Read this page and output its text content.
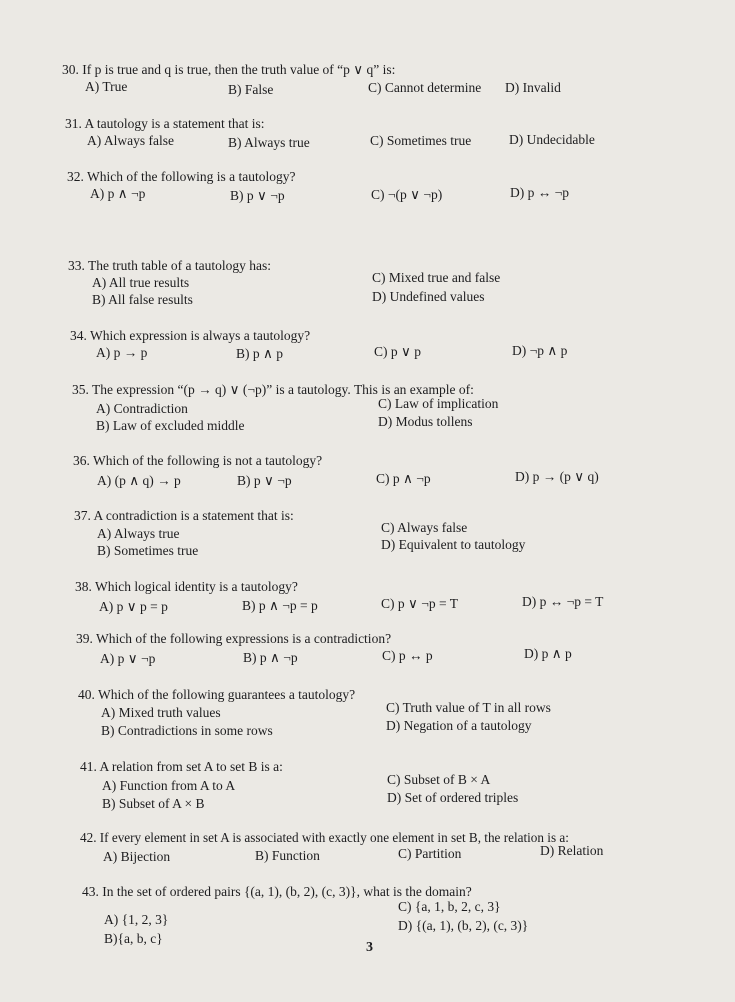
30. If p is true and q is true, then the truth value of “p ∨ q” is:
A) True	B) False	C) Cannot determine D) Invalid
31. A tautology is a statement that is:
A) Always false	B) Always true	C) Sometimes true	D) Undecidable
32. Which of the following is a tautology?
A) p ∧ ¬p	B) p ∨ ¬p	C) ¬(p ∨ ¬p)	D) p ↔ ¬p
33. The truth table of a tautology has:
A) All true results	C) Mixed true and false
B) All false results	D) Undefined values
34. Which expression is always a tautology?
A) p → p	B) p ∧ p	C) p ∨ p	D) ¬p ∧ p
35. The expression “(p → q) ∨ (¬p)” is a tautology. This is an example of:
A) Contradiction	C) Law of implication
B) Law of excluded middle	D) Modus tollens
36. Which of the following is not a tautology?
A) (p ∧ q) → p	B) p ∨ ¬p	C) p ∧ ¬p	D) p → (p ∨ q)
37. A contradiction is a statement that is:
A) Always true	C) Always false
B) Sometimes true	D) Equivalent to tautology
38. Which logical identity is a tautology?
A) p ∨ p = p	B) p ∧ ¬p = p	C) p ∨ ¬p = T	D) p ↔ ¬p = T
39. Which of the following expressions is a contradiction?
A) p ∨ ¬p	B) p ∧ ¬p	C) p ↔ p	D) p ∧ p
40. Which of the following guarantees a tautology?
A) Mixed truth values	C) Truth value of T in all rows
B) Contradictions in some rows	D) Negation of a tautology
41. A relation from set A to set B is a:
A) Function from A to A	C) Subset of B × A
B) Subset of A × B	D) Set of ordered triples
42. If every element in set A is associated with exactly one element in set B, the relation is a:
A) Bijection	B) Function	C) Partition	D) Relation
43. In the set of ordered pairs {(a, 1), (b, 2), (c, 3)}, what is the domain?
C) {a, 1, b, 2, c, 3}
A) {1, 2, 3}	D) {(a, 1), (b, 2), (c, 3)}
B){a, b, c}
3
